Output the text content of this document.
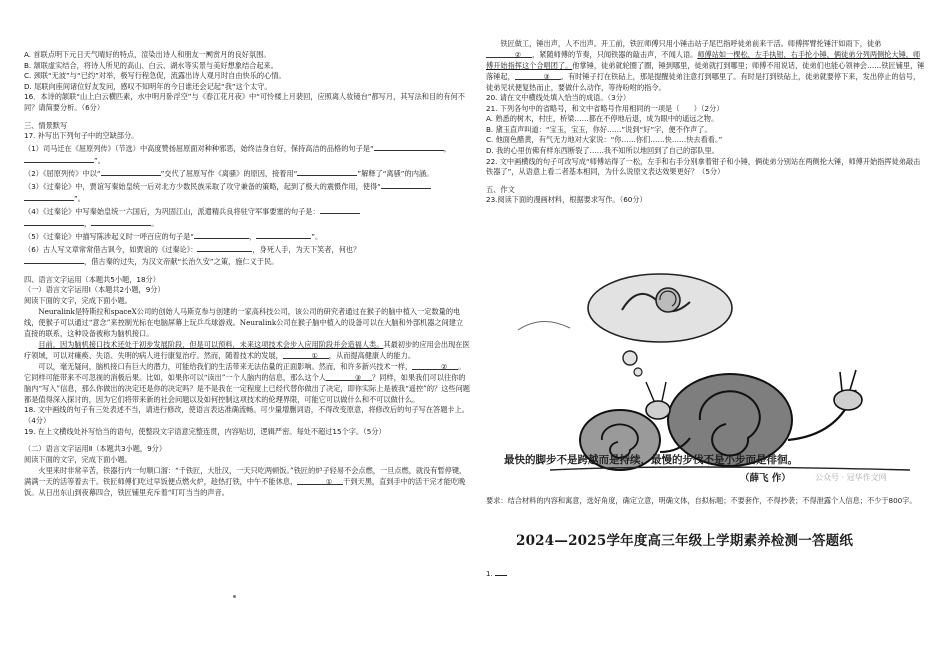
A. 首联点明下元日天气晴好的特点，渲染出诗人和朋友一同赏月的良好氛围。

B. 颔联虚实结合，将诗人所见的高山、白云、湖水等实景与美好想象结合起来。

C. 颈联“无波”与“已约”对举，极写行程急促，流露出诗人观月时自由快乐的心情。

D. 尾联向座间诸位好友发问，感叹不知明年的今日谁还会记起“我”这个太守。

16．本诗的颔联“山上白云横匹素，水中明月卧浮空”与《春江花月夜》中“可怜楼上月裴回，应照离人妆镜台”都写月，其写法和目的有何不同？请简要分析。（6分）

三、情景默写

17. 补写出下列句子中的空缺部分。

（1）司马迁在《屈原列传》（节选）中高度赞扬屈原面对种种邪恶，始终洁身自好，保持高洁的品格的句子是“	，”。

（2）《屈原列传》中以“	”交代了屈原写作《离骚》的原因，接着用“	”解释了“离骚”的内涵。

（3）《过秦论》中，贾谊写秦始皇统一后对北方少数民族采取了攻守兼备的策略，起到了极大的震慑作用，使得“”。

（4）《过秦论》中写秦始皇统一六国后，为巩固江山，派遣精兵良将驻守军事要塞的句子是：
，	。

（5）《过秦论》中描写陈涉起义时一呼百应的句子是“	，	”。

（6）古人写文章常常借古讽今，如贾谊的《过秦论》：	，身死人手，为天下笑者，何也？
，借古秦的过失，为汉文帝献“长治久安”之策，施仁义于民。

四、语言文字运用（本题共5小题，18分）

（一）语言文字运用Ⅰ（本题共2小题，9分）

阅读下面的文字，完成下面小题。

Neuralink是特斯拉和spaceX公司的创始人马斯克参与创建的一家高科技公司，该公司的研究者通过在猴子的脑中植入一定数量的电线，使猴子可以通过“意念”来控制光标在电脑屏幕上玩乒乓球游戏。Neuralink公司在猴子脑中植入的设备可以在大脑和外部机器之间建立直接的联系，这种设备被称为脑机接口。

目前，因为脑机接口技术还处于初步发展阶段，但是可以预料，未来这项技术会步入应用阶段并会造福人类。其最初步的应用会出现在医疗领域，可以对瘫痪、失语、失明的病人进行康复治疗。然而，随着技术的发展，	① ，从而提高健康人的能力。

可以，毫无疑问，脑机接口有巨大的潜力，可能给我们的生活带来无法估量的正面影响。然而，和许多新兴技术一样，	② 。它同样可能带来不可忽视的消极后果。比如，如果你可以“读出”一个人脑内的信息，那么这个人	③ ？同样，如果我们可以往你的脑内“写入”信息，那么你做出的决定还是你的决定吗？是不是我在一定程度上已经代替你做出了决定，即你实际上是被我“遥控”的？这些问题都是值得深入探讨的，因为它们将带来新的社会问题以及如何控制这项技术的伦理界限，可能它可以做什么和不可以做什么。

18. 文中画线的句子有三处表述不当，请进行修改，使语言表达准确流畅。可少量增删词语，不得改变原意，将修改后的句子写在答题卡上。（4分）

19. 在上文横线处补写恰当的语句，使整段文字语意完整连贯，内容贴切，逻辑严密。每处不超过15个字。（5分）

（二）语言文字运用Ⅱ（本题共3小题，9分）

阅读下面的文字，完成下面小题。

火里来时非常辛苦，铁器行内一句顺口溜：“千铁匠，大肚汉，一天只吃两顿饭。”铁匠的炉子轻易不会点燃，一旦点燃，就没有暂停键，满满一天的活等着去干。铁匠师傅们吃过早饭便点燃火炉，趁热打铁，中午不能休息，	① 干到天黑，直到手中的活干完才能吃晚饭。从日出东山到夜幕四合，铁匠铺里充斥着“叮叮当当的声音。

铁匠做工，锤出声，人不出声。开工前，铁匠师傅只用小锤击站子尾巴指呼徒弟前来干活。师傅挥臂抡锤汗如雨下，徒弟② ，紧随师傅的节奏，只闻铁器的敲击声，不闻人语。师傅站如一棵松，左手执钳，右手抡小锤，俩徒弟分列两侧抡大锤，师傅开始指挥这个合唱团了。他掌锤，徒弟就轮圈了圈，锤到哪里，徒弟就打到哪里；师傅不用说话，徒弟们也能心领神会……铁匠铺里，锤落锤起，	③ 。有时锤子打在铁砧上，那是提醒徒弟注意打到哪里了。有时是打到铁砧上，徒弟就要停下来，发出停止的信号，徒弟见状便复热而止，要做什么动作，等待吩咐的指令。

20. 请在文中横线处填入恰当的成语。（3分）

21. 下列各句中的省略号，和文中省略号作用相同的一项是（　　）（2分）

A. 熟悉的树木，村庄，桥梁……都在不停地后退，成为眼中的遥远之物。

B. 黛玉直声叫道：“宝玉，宝玉，你好……”说到“好”字，便不作声了。

C. 他面色醋黄，有气无力地对大家说：“你……你们……快……快去看看。”

D. 我的心里仿佛有样东西断裂了……我不知所以地回到了自己的部队里。

22. 文中画横线的句子可改写成“师傅站得了一松，左手和右手分别拿着钳子和小锤，俩徒弟分别站在两侧抡大锤，师傅开始指挥徒弟敲击铁器了”，从语意上看二者基本相同，为什么说原文表达效果更好？（5分）

五、作文

23.阅读下面的漫画材料，根据要求写作。（60分）

最快的脚步不是跨越而是持续，最慢的步伐不是小步而是徘徊。
（薛飞 作）	公众号 · 冠华作文网
要求：结合材料的内容和寓意，选好角度，确定立意，明确文体，自拟标题；不要套作，不得抄袭；不得泄露个人信息；不少于800字。
2024—2025学年度高三年级上学期素养检测一答题纸
1.
